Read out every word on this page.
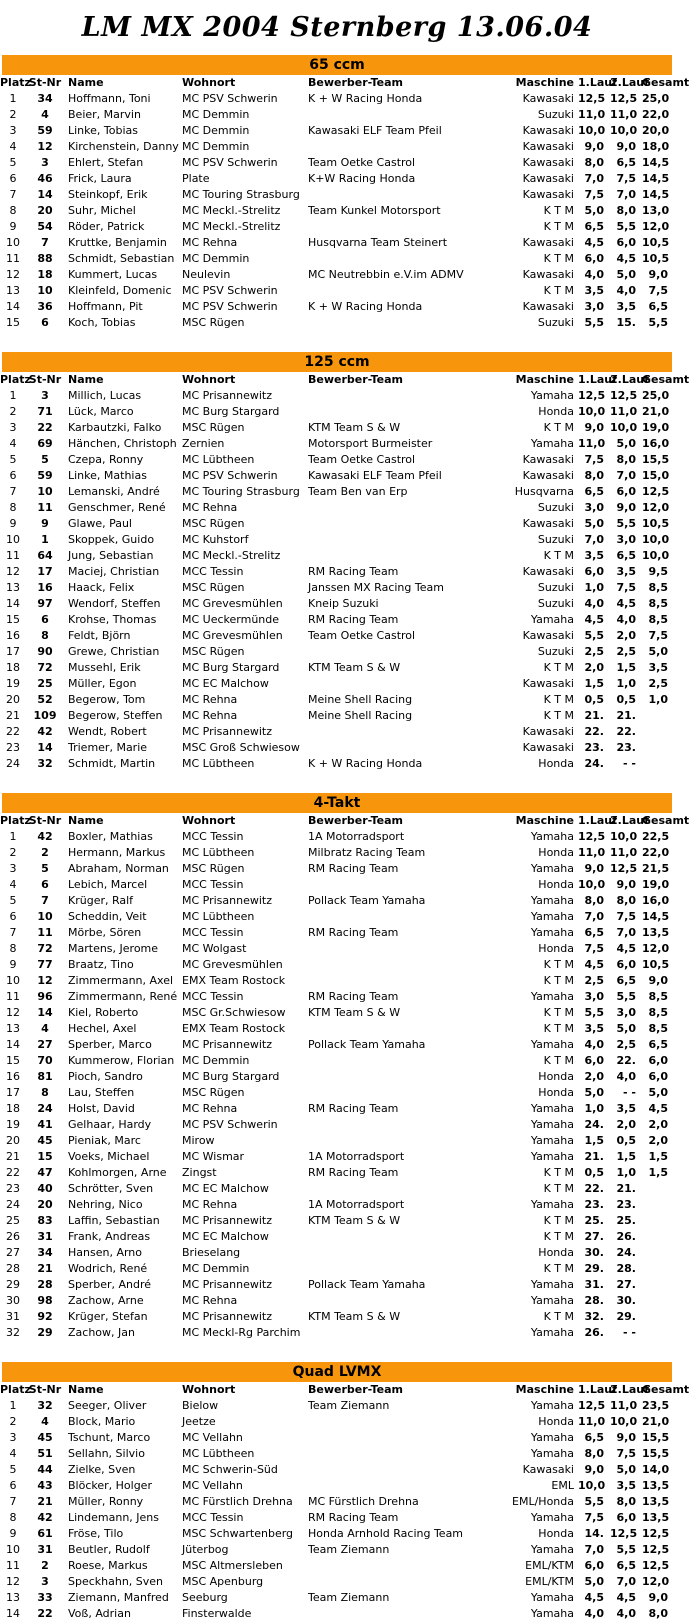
LM MX 2004 Sternberg 13.06.04
65 ccm
Platz	St-Nr	Name	Wohnort	Bewerber-Team	Maschine	1.Lauf	2.Lauf	Gesamt
1	34	Hoffmann, Toni	MC PSV Schwerin	K + W Racing Honda	Kawasaki	12,5	12,5	25,0
2	4	Beier, Marvin	MC Demmin		Suzuki	11,0	11,0	22,0
3	59	Linke, Tobias	MC Demmin	Kawasaki ELF Team Pfeil	Kawasaki	10,0	10,0	20,0
4	12	Kirchenstein, Danny	MC Demmin		Kawasaki	9,0	9,0	18,0
5	3	Ehlert, Stefan	MC PSV Schwerin	Team Oetke Castrol	Kawasaki	8,0	6,5	14,5
6	46	Frick, Laura	Plate	K+W Racing Honda	Kawasaki	7,0	7,5	14,5
7	14	Steinkopf, Erik	MC Touring Strasburg		Kawasaki	7,5	7,0	14,5
8	20	Suhr, Michel	MC Meckl.-Strelitz	Team Kunkel Motorsport	K T M	5,0	8,0	13,0
9	54	Röder, Patrick	MC Meckl.-Strelitz		K T M	6,5	5,5	12,0
10	7	Kruttke, Benjamin	MC Rehna	Husqvarna Team Steinert	Kawasaki	4,5	6,0	10,5
11	88	Schmidt, Sebastian	MC Demmin		K T M	6,0	4,5	10,5
12	18	Kummert, Lucas	Neulevin	MC Neutrebbin e.V.im ADMV	Kawasaki	4,0	5,0	9,0
13	10	Kleinfeld, Domenic	MC PSV Schwerin		K T M	3,5	4,0	7,5
14	36	Hoffmann, Pit	MC PSV Schwerin	K + W Racing Honda	Kawasaki	3,0	3,5	6,5
15	6	Koch, Tobias	MSC Rügen		Suzuki	5,5	15.	5,5
125 ccm
Platz	St-Nr	Name	Wohnort	Bewerber-Team	Maschine	1.Lauf	2.Lauf	Gesamt
1	3	Millich, Lucas	MC Prisannewitz		Yamaha	12,5	12,5	25,0
2	71	Lück, Marco	MC Burg Stargard		Honda	10,0	11,0	21,0
3	22	Karbautzki, Falko	MSC Rügen	KTM Team S & W	K T M	9,0	10,0	19,0
4	69	Hänchen, Christoph	Zernien	Motorsport Burmeister	Yamaha	11,0	5,0	16,0
5	5	Czepa, Ronny	MC Lübtheen	Team Oetke Castrol	Kawasaki	7,5	8,0	15,5
6	59	Linke, Mathias	MC PSV Schwerin	Kawasaki ELF Team Pfeil	Kawasaki	8,0	7,0	15,0
7	10	Lemanski, André	MC Touring Strasburg	Team Ben van Erp	Husqvarna	6,5	6,0	12,5
8	11	Genschmer, René	MC Rehna		Suzuki	3,0	9,0	12,0
9	9	Glawe, Paul	MSC Rügen		Kawasaki	5,0	5,5	10,5
10	1	Skoppek, Guido	MC Kuhstorf		Suzuki	7,0	3,0	10,0
11	64	Jung, Sebastian	MC Meckl.-Strelitz		K T M	3,5	6,5	10,0
12	17	Maciej, Christian	MCC Tessin	RM Racing Team	Kawasaki	6,0	3,5	9,5
13	16	Haack, Felix	MSC Rügen	Janssen MX Racing Team	Suzuki	1,0	7,5	8,5
14	97	Wendorf, Steffen	MC Grevesmühlen	Kneip Suzuki	Suzuki	4,0	4,5	8,5
15	6	Krohse, Thomas	MC Ueckermünde	RM Racing Team	Yamaha	4,5	4,0	8,5
16	8	Feldt, Björn	MC Grevesmühlen	Team Oetke Castrol	Kawasaki	5,5	2,0	7,5
17	90	Grewe, Christian	MSC Rügen		Suzuki	2,5	2,5	5,0
18	72	Mussehl, Erik	MC Burg Stargard	KTM Team S & W	K T M	2,0	1,5	3,5
19	25	Müller, Egon	MC EC Malchow		Kawasaki	1,5	1,0	2,5
20	52	Begerow, Tom	MC Rehna	Meine Shell Racing	K T M	0,5	0,5	1,0
21	109	Begerow, Steffen	MC Rehna	Meine Shell Racing	K T M	21.	21.	
22	42	Wendt, Robert	MC Prisannewitz		Kawasaki	22.	22.	
23	14	Triemer, Marie	MSC Groß Schwiesow		Kawasaki	23.	23.	
24	32	Schmidt, Martin	MC Lübtheen	K + W Racing Honda	Honda	24.	- -	
4-Takt
Platz	St-Nr	Name	Wohnort	Bewerber-Team	Maschine	1.Lauf	2.Lauf	Gesamt
1	42	Boxler, Mathias	MCC Tessin	1A Motorradsport	Yamaha	12,5	10,0	22,5
2	2	Hermann, Markus	MC Lübtheen	Milbratz Racing Team	Honda	11,0	11,0	22,0
3	5	Abraham, Norman	MSC Rügen	RM Racing Team	Yamaha	9,0	12,5	21,5
4	6	Lebich, Marcel	MCC Tessin		Honda	10,0	9,0	19,0
5	7	Krüger, Ralf	MC Prisannewitz	Pollack Team Yamaha	Yamaha	8,0	8,0	16,0
6	10	Scheddin, Veit	MC Lübtheen		Yamaha	7,0	7,5	14,5
7	11	Mörbe, Sören	MCC Tessin	RM Racing Team	Yamaha	6,5	7,0	13,5
8	72	Martens, Jerome	MC Wolgast		Honda	7,5	4,5	12,0
9	77	Braatz, Tino	MC Grevesmühlen		K T M	4,5	6,0	10,5
10	12	Zimmermann, Axel	EMX Team Rostock		K T M	2,5	6,5	9,0
11	96	Zimmermann, René	MCC Tessin	RM Racing Team	Yamaha	3,0	5,5	8,5
12	14	Kiel, Roberto	MSC Gr.Schwiesow	KTM Team S & W	K T M	5,5	3,0	8,5
13	4	Hechel, Axel	EMX Team Rostock		K T M	3,5	5,0	8,5
14	27	Sperber, Marco	MC Prisannewitz	Pollack Team Yamaha	Yamaha	4,0	2,5	6,5
15	70	Kummerow, Florian	MC Demmin		K T M	6,0	22.	6,0
16	81	Pioch, Sandro	MC Burg Stargard		Honda	2,0	4,0	6,0
17	8	Lau, Steffen	MSC Rügen		Honda	5,0	- -	5,0
18	24	Holst, David	MC Rehna	RM Racing Team	Yamaha	1,0	3,5	4,5
19	41	Gelhaar, Hardy	MC PSV Schwerin		Yamaha	24.	2,0	2,0
20	45	Pieniak, Marc	Mirow		Yamaha	1,5	0,5	2,0
21	15	Voeks, Michael	MC Wismar	1A Motorradsport	Yamaha	21.	1,5	1,5
22	47	Kohlmorgen, Arne	Zingst	RM Racing Team	K T M	0,5	1,0	1,5
23	40	Schrötter, Sven	MC EC Malchow		K T M	22.	21.	
24	20	Nehring, Nico	MC Rehna	1A Motorradsport	Yamaha	23.	23.	
25	83	Laffin, Sebastian	MC Prisannewitz	KTM Team S & W	K T M	25.	25.	
26	31	Frank, Andreas	MC EC Malchow		K T M	27.	26.	
27	34	Hansen, Arno	Brieselang		Honda	30.	24.	
28	21	Wodrich, René	MC Demmin		K T M	29.	28.	
29	28	Sperber, André	MC Prisannewitz	Pollack Team Yamaha	Yamaha	31.	27.	
30	98	Zachow, Arne	MC Rehna		Yamaha	28.	30.	
31	92	Krüger, Stefan	MC Prisannewitz	KTM Team S & W	K T M	32.	29.	
32	29	Zachow, Jan	MC Meckl-Rg Parchim		Yamaha	26.	- -	
Quad LVMX
Platz	St-Nr	Name	Wohnort	Bewerber-Team	Maschine	1.Lauf	2.Lauf	Gesamt
1	32	Seeger, Oliver	Bielow	Team Ziemann	Yamaha	12,5	11,0	23,5
2	4	Block, Mario	Jeetze		Honda	11,0	10,0	21,0
3	45	Tschunt, Marco	MC Vellahn		Yamaha	6,5	9,0	15,5
4	51	Sellahn, Silvio	MC Lübtheen		Yamaha	8,0	7,5	15,5
5	44	Zielke, Sven	MC Schwerin-Süd		Kawasaki	9,0	5,0	14,0
6	43	Blöcker, Holger	MC Vellahn		EML	10,0	3,5	13,5
7	21	Müller, Ronny	MC Fürstlich Drehna	MC Fürstlich Drehna	EML/Honda	5,5	8,0	13,5
8	42	Lindemann, Jens	MCC Tessin	RM Racing Team	Yamaha	7,5	6,0	13,5
9	61	Fröse, Tilo	MSC Schwartenberg	Honda Arnhold Racing Team	Honda	14.	12,5	12,5
10	31	Beutler, Rudolf	Jüterbog	Team Ziemann	Yamaha	7,0	5,5	12,5
11	2	Roese, Markus	MSC Altmersleben		EML/KTM	6,0	6,5	12,5
12	3	Speckhahn, Sven	MSC Apenburg		EML/KTM	5,0	7,0	12,0
13	33	Ziemann, Manfred	Seeburg	Team Ziemann	Yamaha	4,5	4,5	9,0
14	22	Voß, Adrian	Finsterwalde		Yamaha	4,0	4,0	8,0
